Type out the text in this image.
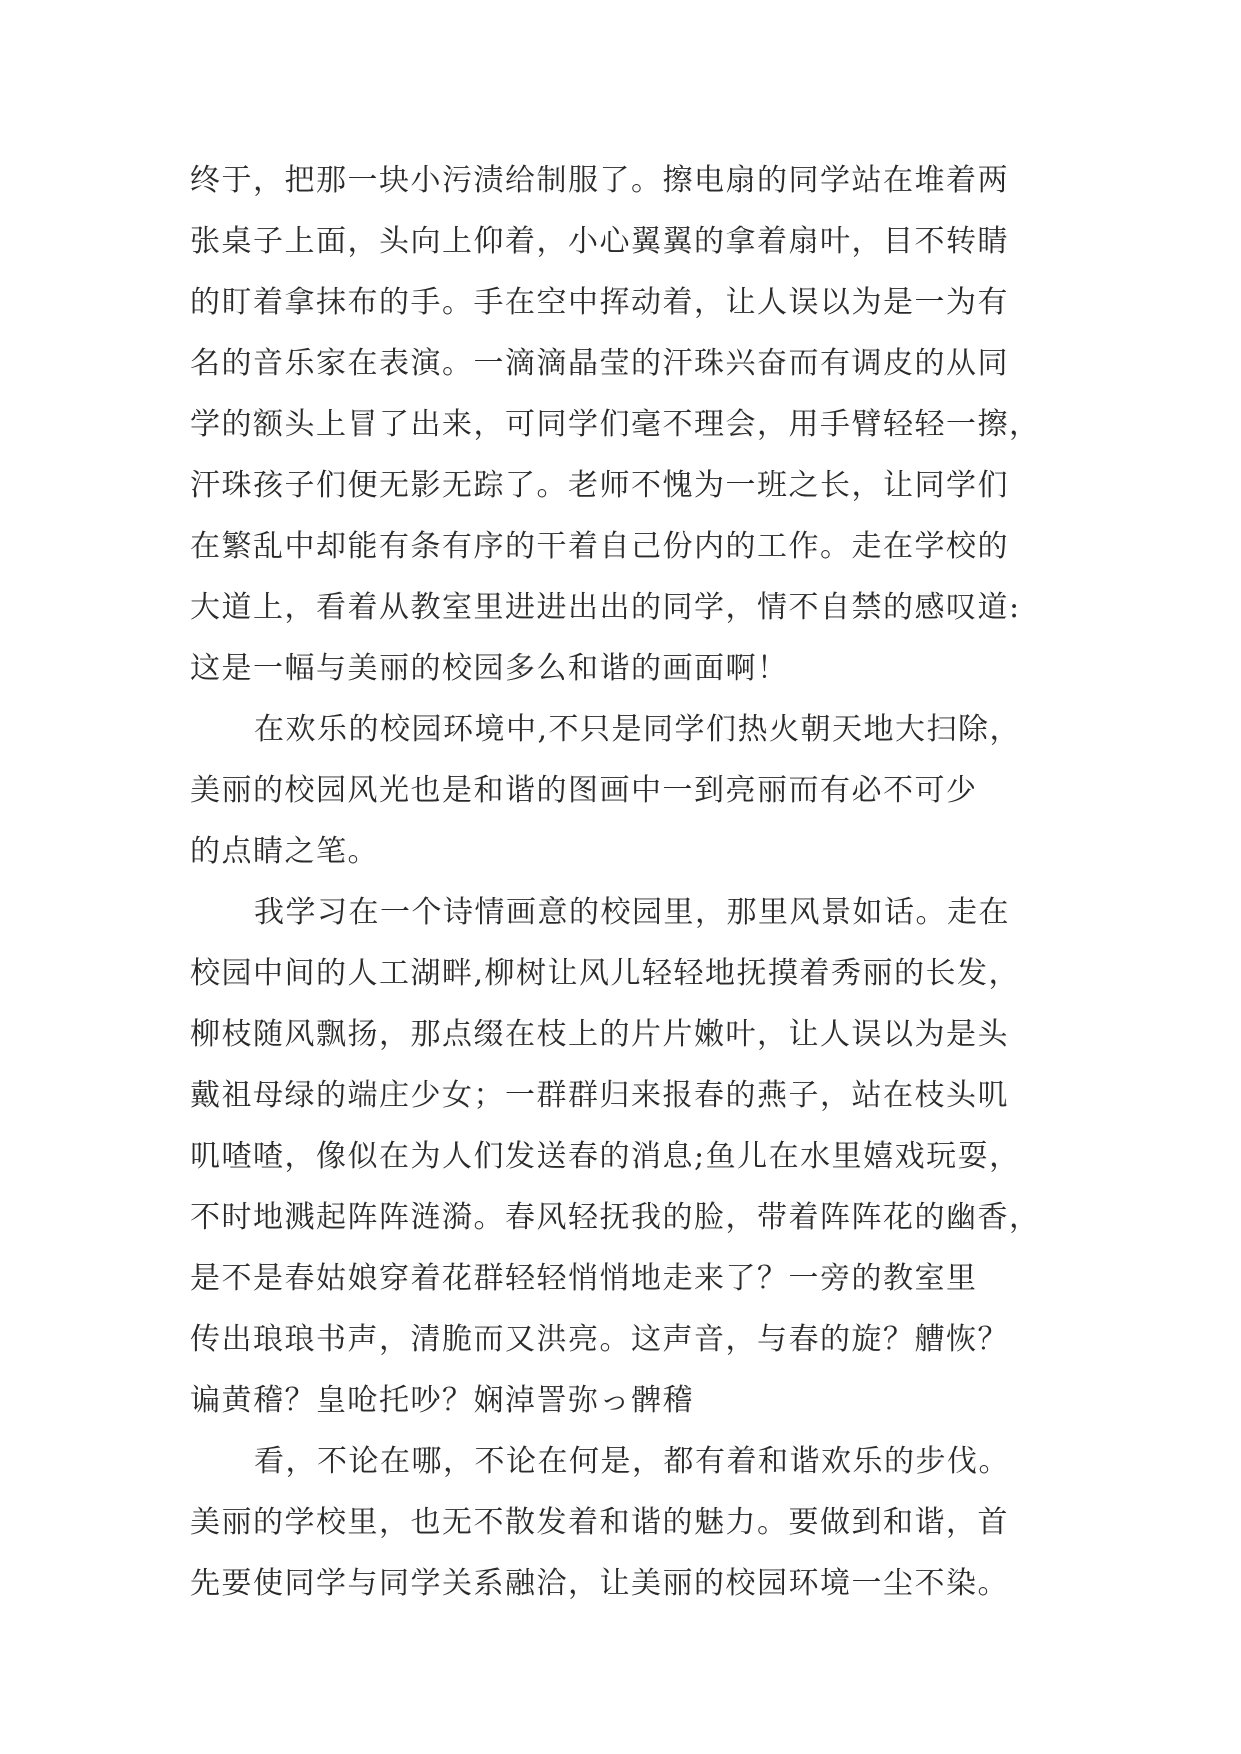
终于，把那一块小污渍给制服了。擦电扇的同学站在堆着两
张桌子上面，头向上仰着，小心翼翼的拿着扇叶，目不转睛
的盯着拿抹布的手。手在空中挥动着，让人误以为是一为有
名的音乐家在表演。一滴滴晶莹的汗珠兴奋而有调皮的从同
学的额头上冒了出来，可同学们毫不理会，用手臂轻轻一擦，
汗珠孩子们便无影无踪了。老师不愧为一班之长，让同学们
在繁乱中却能有条有序的干着自己份内的工作。走在学校的
大道上，看着从教室里进进出出的同学，情不自禁的感叹道:
这是一幅与美丽的校园多么和谐的画面啊！
在欢乐的校园环境中,不只是同学们热火朝天地大扫除，
美丽的校园风光也是和谐的图画中一到亮丽而有必不可少
的点睛之笔。
我学习在一个诗情画意的校园里，那里风景如话。走在
校园中间的人工湖畔,柳树让风儿轻轻地抚摸着秀丽的长发，
柳枝随风飘扬，那点缀在枝上的片片嫩叶，让人误以为是头
戴祖母绿的端庄少女；一群群归来报春的燕子，站在枝头叽
叽喳喳，像似在为人们发送春的消息;鱼儿在水里嬉戏玩耍，
不时地溅起阵阵涟漪。春风轻抚我的脸，带着阵阵花的幽香，
是不是春姑娘穿着花群轻轻悄悄地走来了？一旁的教室里
传出琅琅书声，清脆而又洪亮。这声音，与春的旋？艚恢？
谝黄稽？皇呛托吵？娴淖詈弥っ髀稽
看，不论在哪，不论在何是，都有着和谐欢乐的步伐。
美丽的学校里，也无不散发着和谐的魅力。要做到和谐，首
先要使同学与同学关系融洽，让美丽的校园环境一尘不染。
